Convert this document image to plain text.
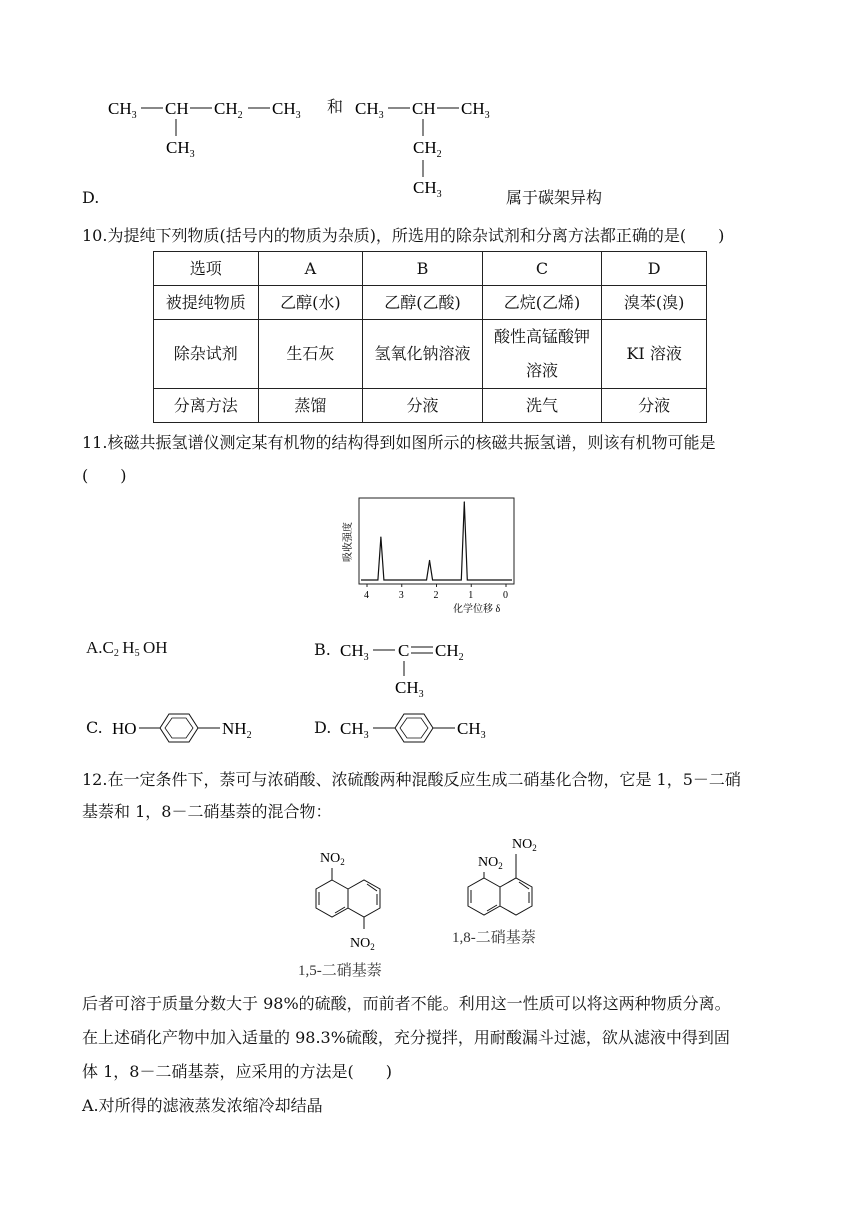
$CH_3$ CH $CH_2$ $CH_3$
$CH_3$
和 $CH_3$ CH $CH_3$
$CH_2$
$CH_3$
D.	属于碳架异构
10.为提纯下列物质(括号内的物质为杂质)，所选用的除杂试剂和分离方法都正确的是(　　)
选项	A	B	C	D
被提纯物质	乙醇(水)	乙醇(乙酸)	乙烷(乙烯)	溴苯(溴)
除杂试剂	生石灰	氢氧化钠溶液	酸性高锰酸钾溶液	KI 溶液
分离方法	蒸馏	分液	洗气	分液
11.核磁共振氢谱仪测定某有机物的结构得到如图所示的核磁共振氢谱，则该有机物可能是
(　　)
吸收强度
4	3	2	1	0
化学位移 δ
$A.C_2$ $H_5$ OH	B. $CH_3$ C $CH_2$
$CH_3$
C. HO	$NH_2$	D. $CH_3$	$CH_3$
12.在一定条件下，萘可与浓硝酸、浓硫酸两种混酸反应生成二硝基化合物，它是 1，5－二硝
基萘和 1，8－二硝基萘的混合物：
$NO_2$
$NO_2$
1,5-二硝基萘
$NO_2$
$NO_2$
1,8-二硝基萘
后者可溶于质量分数大于 98%的硫酸，而前者不能。利用这一性质可以将这两种物质分离。
在上述硝化产物中加入适量的 98.3%硫酸，充分搅拌，用耐酸漏斗过滤，欲从滤液中得到固
体 1，8－二硝基萘，应采用的方法是(　　)
A.对所得的滤液蒸发浓缩冷却结晶
